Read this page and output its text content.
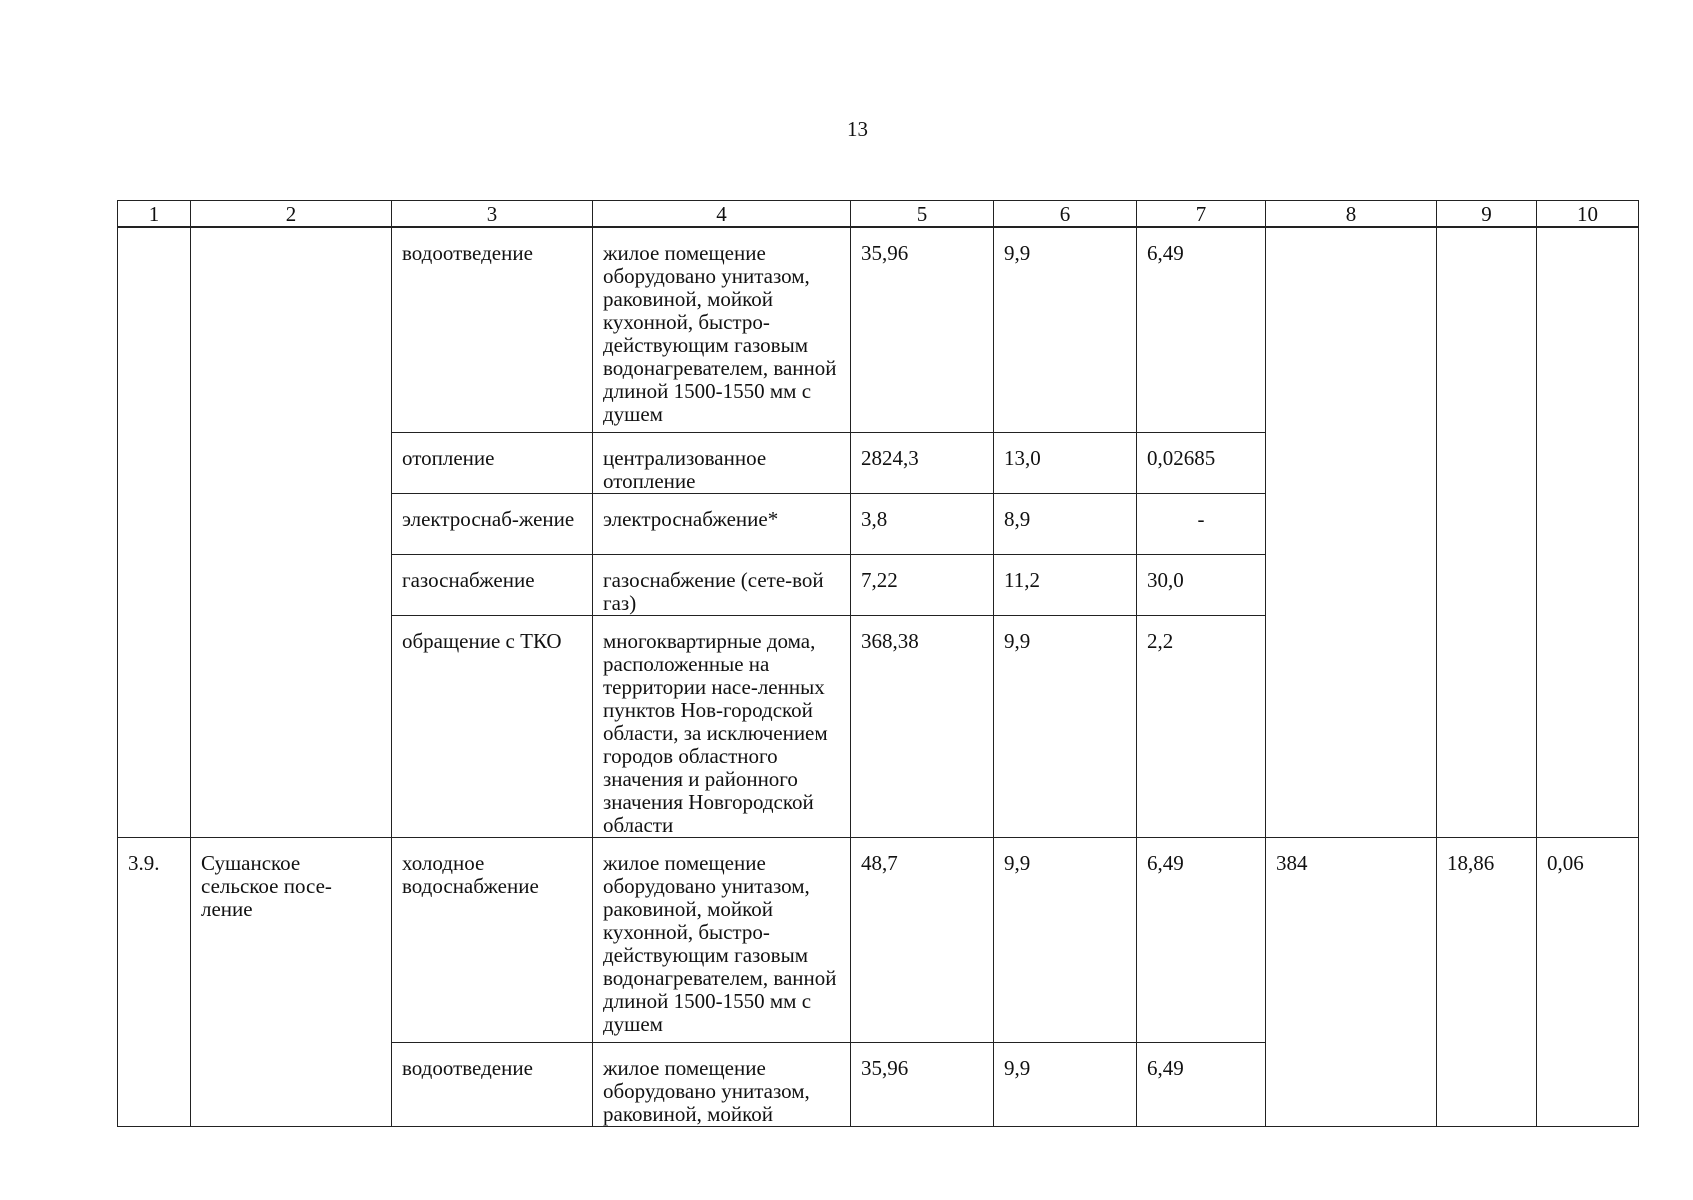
13
1	2	3	4	5	6	7	8	9	10
		водоотведение	жилое помещение оборудовано унитазом, раковиной, мойкой кухонной, быстро-действующим газовым водонагревателем, ванной длиной 1500-1550 мм с душем	35,96	9,9	6,49			
		отопление	централизованное отопление	2824,3	13,0	0,02685			
		электроснаб-жение	электроснабжение*	3,8	8,9	-			
		газоснабжение	газоснабжение (сете-вой газ)	7,22	11,2	30,0			
		обращение с ТКО	многоквартирные дома, расположенные на территории насе-ленных пунктов Нов-городской области, за исключением городов областного значения и районного значения Новгородской области	368,38	9,9	2,2			
3.9.	Сушанское сельское посе-ление	холодное водоснабжение	жилое помещение оборудовано унитазом, раковиной, мойкой кухонной, быстро-действующим газовым водонагревателем, ванной длиной 1500-1550 мм с душем	48,7	9,9	6,49	384	18,86	0,06
		водоотведение	жилое помещение оборудовано унитазом, раковиной, мойкой	35,96	9,9	6,49			
